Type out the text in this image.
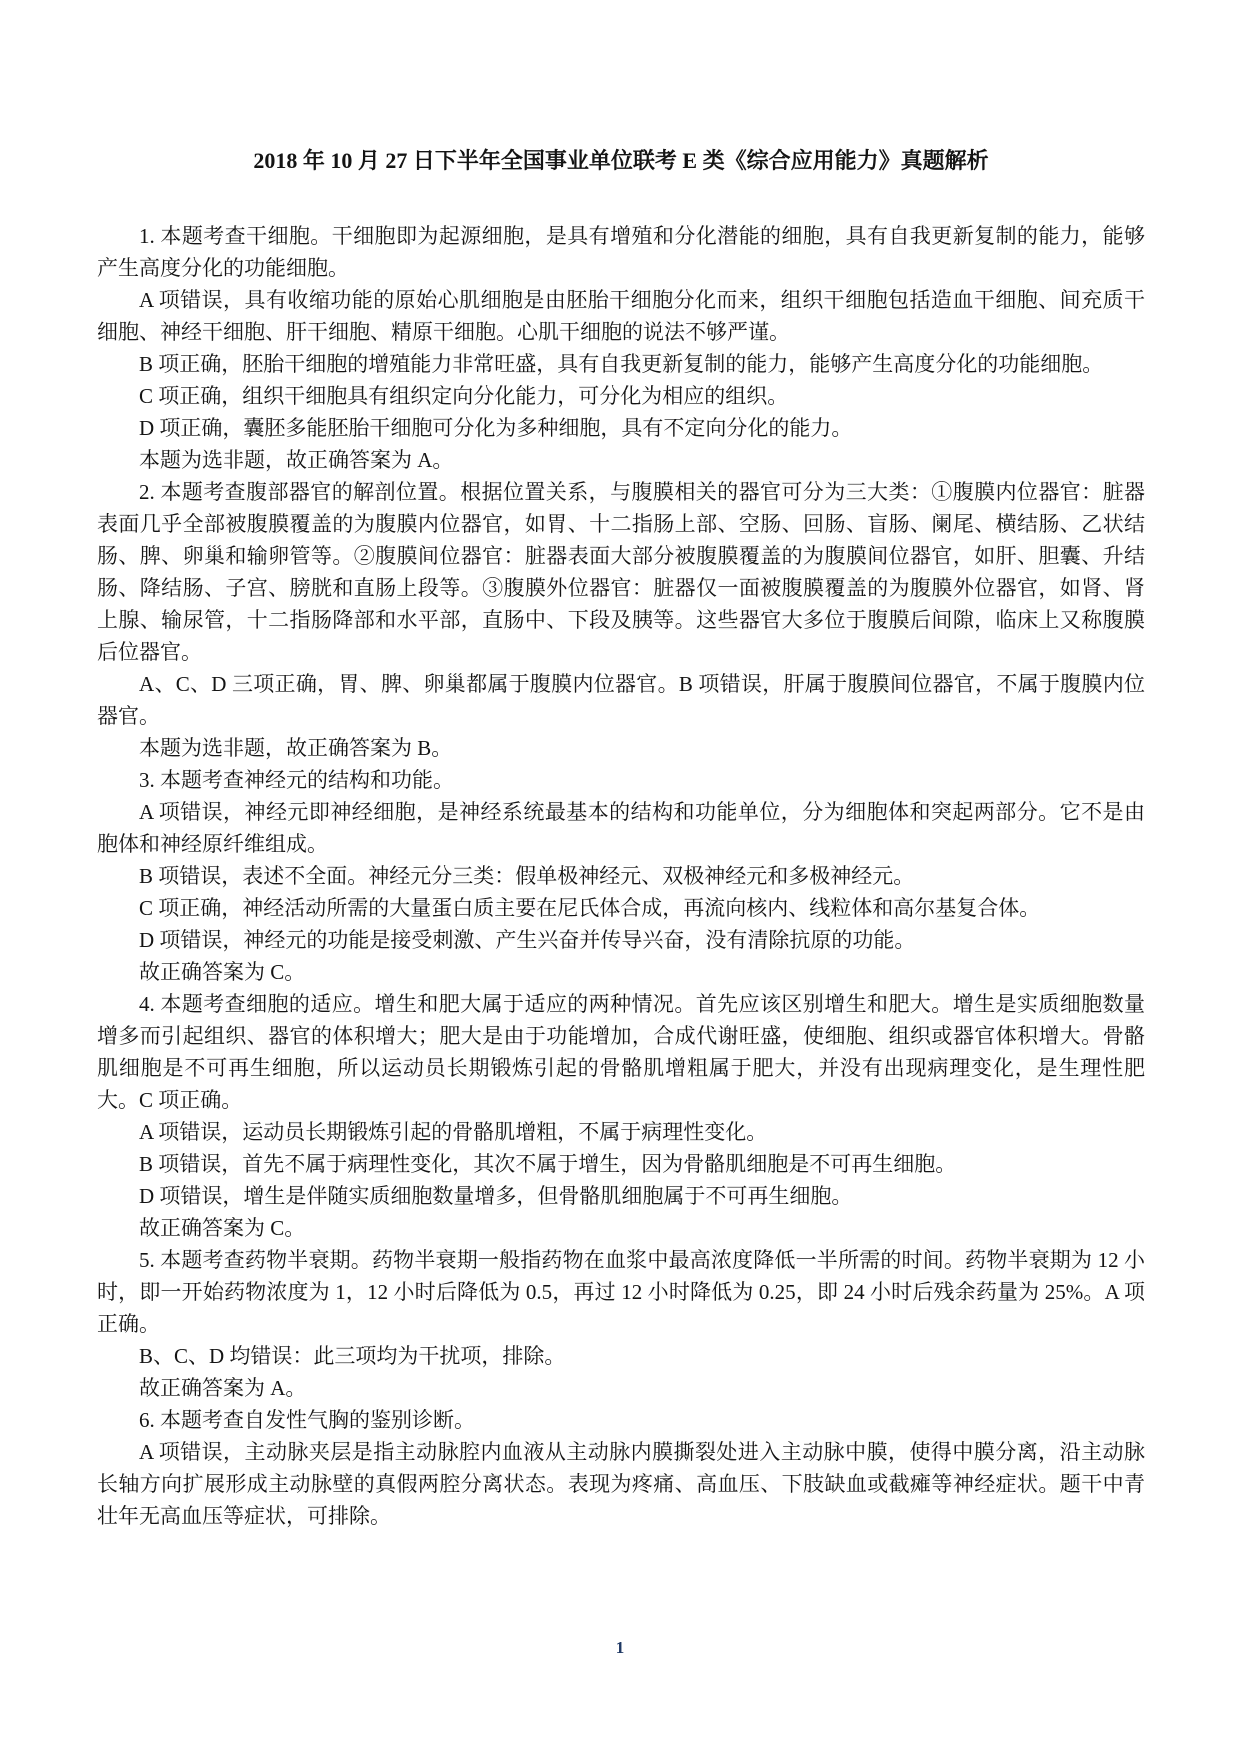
2018 年 10 月 27 日下半年全国事业单位联考 E 类《综合应用能力》真题解析

1. 本题考查干细胞。干细胞即为起源细胞，是具有增殖和分化潜能的细胞，具有自我更新复制的能力，能够产生高度分化的功能细胞。

A 项错误，具有收缩功能的原始心肌细胞是由胚胎干细胞分化而来，组织干细胞包括造血干细胞、间充质干细胞、神经干细胞、肝干细胞、精原干细胞。心肌干细胞的说法不够严谨。

B 项正确，胚胎干细胞的增殖能力非常旺盛，具有自我更新复制的能力，能够产生高度分化的功能细胞。

C 项正确，组织干细胞具有组织定向分化能力，可分化为相应的组织。

D 项正确，囊胚多能胚胎干细胞可分化为多种细胞，具有不定向分化的能力。

本题为选非题，故正确答案为 A。

2. 本题考查腹部器官的解剖位置。根据位置关系，与腹膜相关的器官可分为三大类：①腹膜内位器官：脏器表面几乎全部被腹膜覆盖的为腹膜内位器官，如胃、十二指肠上部、空肠、回肠、盲肠、阑尾、横结肠、乙状结肠、脾、卵巢和输卵管等。②腹膜间位器官：脏器表面大部分被腹膜覆盖的为腹膜间位器官，如肝、胆囊、升结肠、降结肠、子宫、膀胱和直肠上段等。③腹膜外位器官：脏器仅一面被腹膜覆盖的为腹膜外位器官，如肾、肾上腺、输尿管，十二指肠降部和水平部，直肠中、下段及胰等。这些器官大多位于腹膜后间隙，临床上又称腹膜后位器官。

A、C、D 三项正确，胃、脾、卵巢都属于腹膜内位器官。B 项错误，肝属于腹膜间位器官，不属于腹膜内位器官。

本题为选非题，故正确答案为 B。

3. 本题考查神经元的结构和功能。

A 项错误，神经元即神经细胞，是神经系统最基本的结构和功能单位，分为细胞体和突起两部分。它不是由胞体和神经原纤维组成。

B 项错误，表述不全面。神经元分三类：假单极神经元、双极神经元和多极神经元。

C 项正确，神经活动所需的大量蛋白质主要在尼氏体合成，再流向核内、线粒体和高尔基复合体。

D 项错误，神经元的功能是接受刺激、产生兴奋并传导兴奋，没有清除抗原的功能。

故正确答案为 C。

4. 本题考查细胞的适应。增生和肥大属于适应的两种情况。首先应该区别增生和肥大。增生是实质细胞数量增多而引起组织、器官的体积增大；肥大是由于功能增加，合成代谢旺盛，使细胞、组织或器官体积增大。骨骼肌细胞是不可再生细胞，所以运动员长期锻炼引起的骨骼肌增粗属于肥大，并没有出现病理变化，是生理性肥大。C 项正确。

A 项错误，运动员长期锻炼引起的骨骼肌增粗，不属于病理性变化。

B 项错误，首先不属于病理性变化，其次不属于增生，因为骨骼肌细胞是不可再生细胞。

D 项错误，增生是伴随实质细胞数量增多，但骨骼肌细胞属于不可再生细胞。

故正确答案为 C。

5. 本题考查药物半衰期。药物半衰期一般指药物在血浆中最高浓度降低一半所需的时间。药物半衰期为 12 小时，即一开始药物浓度为 1，12 小时后降低为 0.5，再过 12 小时降低为 0.25，即 24 小时后残余药量为 25%。A 项正确。

B、C、D 均错误：此三项均为干扰项，排除。

故正确答案为 A。

6. 本题考查自发性气胸的鉴别诊断。

A 项错误，主动脉夹层是指主动脉腔内血液从主动脉内膜撕裂处进入主动脉中膜，使得中膜分离，沿主动脉长轴方向扩展形成主动脉壁的真假两腔分离状态。表现为疼痛、高血压、下肢缺血或截瘫等神经症状。题干中青壮年无高血压等症状，可排除。

1
